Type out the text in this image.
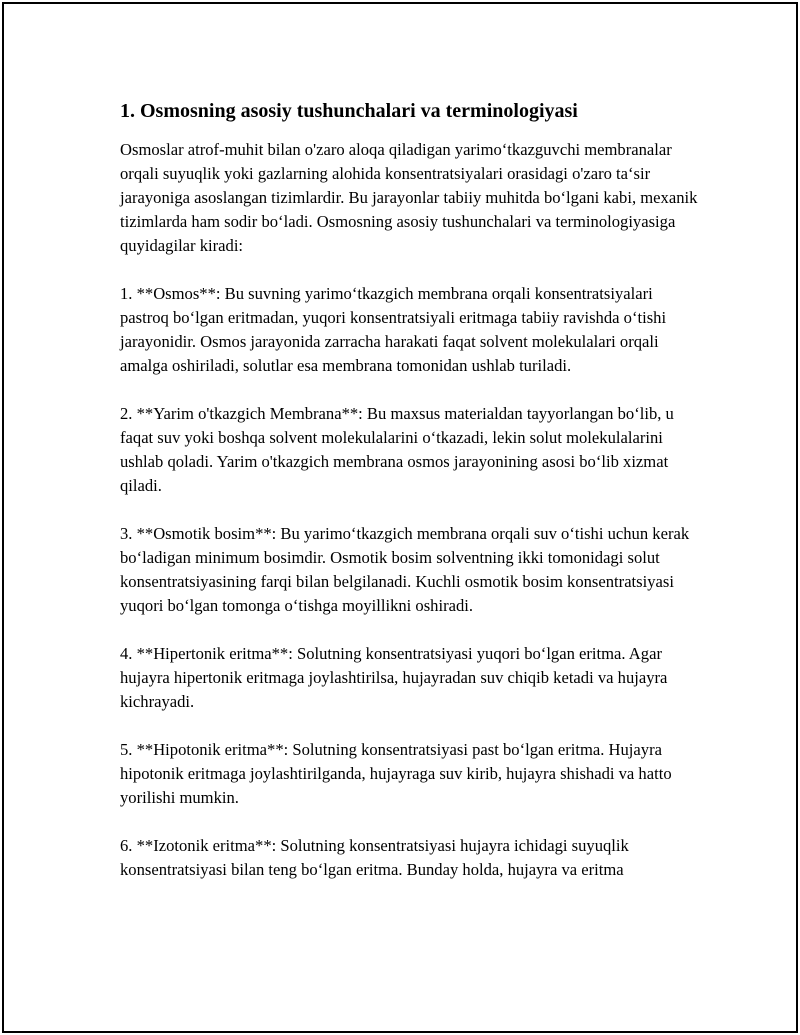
1. Osmosning asosiy tushunchalari va terminologiyasi

Osmoslar atrof-muhit bilan o'zaro aloqa qiladigan yarimo‘tkazguvchi membranalar orqali suyuqlik yoki gazlarning alohida konsentratsiyalari orasidagi o'zaro ta‘sir jarayoniga asoslangan tizimlardir. Bu jarayonlar tabiiy muhitda bo‘lgani kabi, mexanik tizimlarda ham sodir bo‘ladi. Osmosning asosiy tushunchalari va terminologiyasiga quyidagilar kiradi:

1. **Osmos**: Bu suvning yarimo‘tkazgich membrana orqali konsentratsiyalari pastroq bo‘lgan eritmadan, yuqori konsentratsiyali eritmaga tabiiy ravishda o‘tishi jarayonidir. Osmos jarayonida zarracha harakati faqat solvent molekulalari orqali amalga oshiriladi, solutlar esa membrana tomonidan ushlab turiladi.

2. **Yarim o'tkazgich Membrana**: Bu maxsus materialdan tayyorlangan bo‘lib, u faqat suv yoki boshqa solvent molekulalarini o‘tkazadi, lekin solut molekulalarini ushlab qoladi. Yarim o'tkazgich membrana osmos jarayonining asosi bo‘lib xizmat qiladi.

3. **Osmotik bosim**: Bu yarimo‘tkazgich membrana orqali suv o‘tishi uchun kerak bo‘ladigan minimum bosimdir. Osmotik bosim solventning ikki tomonidagi solut konsentratsiyasining farqi bilan belgilanadi. Kuchli osmotik bosim konsentratsiyasi yuqori bo‘lgan tomonga o‘tishga moyillikni oshiradi.

4. **Hipertonik eritma**: Solutning konsentratsiyasi yuqori bo‘lgan eritma. Agar hujayra hipertonik eritmaga joylashtirilsa, hujayradan suv chiqib ketadi va hujayra kichrayadi.

5. **Hipotonik eritma**: Solutning konsentratsiyasi past bo‘lgan eritma. Hujayra hipotonik eritmaga joylashtirilganda, hujayraga suv kirib, hujayra shishadi va hatto yorilishi mumkin.

6. **Izotonik eritma**: Solutning konsentratsiyasi hujayra ichidagi suyuqlik konsentratsiyasi bilan teng bo‘lgan eritma. Bunday holda, hujayra va eritma
